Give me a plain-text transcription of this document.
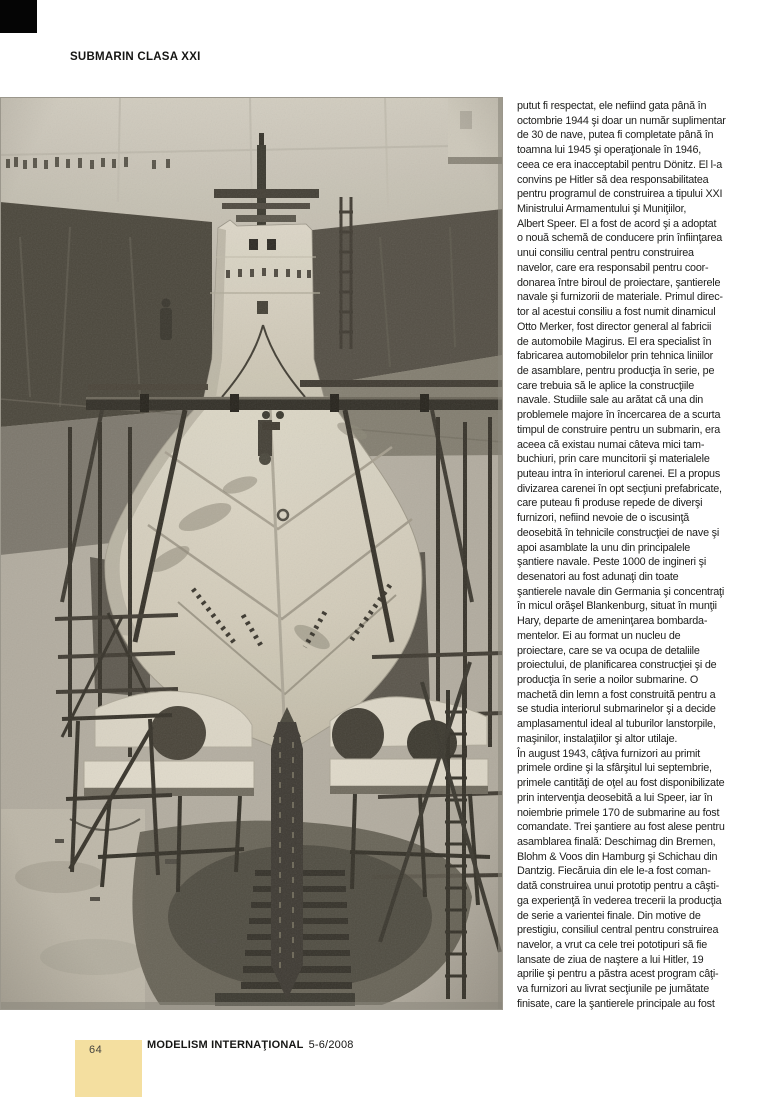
SUBMARIN CLASA XXI
putut fi respectat, ele nefiind gata până în
octombrie 1944 şi doar un număr suplimentar
de 30 de nave, putea fi completate până în
toamna lui 1945 şi operaţionale în 1946,
ceea ce era inacceptabil pentru Dönitz. El l-a
convins pe Hitler să dea responsabilitatea
pentru programul de construirea a tipului XXI
Ministrului Armamentului şi Muniţiilor,
Albert Speer. El a fost de acord şi a adoptat
o nouă schemă de conducere prin înfiinţarea
unui consiliu central pentru construirea
navelor, care era responsabil pentru coor-
donarea între biroul de proiectare, şantierele
navale şi furnizorii de materiale. Primul direc-
tor al acestui consiliu a fost numit dinamicul
Otto Merker, fost director general al fabricii
de automobile Magirus. El era specialist în
fabricarea automobilelor prin tehnica liniilor
de asamblare, pentru producţia în serie, pe
care trebuia să le aplice la construcţiile
navale. Studiile sale au arătat că una din
problemele majore în încercarea de a scurta
timpul de construire pentru un submarin, era
aceea că existau numai câteva mici tam-
buchiuri, prin care muncitorii şi materialele
puteau intra în interiorul carenei. El a propus
divizarea carenei în opt secţiuni prefabricate,
care puteau fi produse repede de diverşi
furnizori, nefiind nevoie de o iscusinţă
deosebită în tehnicile construcţiei de nave şi
apoi asamblate la unu din principalele
şantiere navale. Peste 1000 de ingineri şi
desenatori au fost adunaţi din toate
şantierele navale din Germania şi concentraţi
în micul orăşel Blankenburg, situat în munţii
Hary, departe de ameninţarea bombarda-
mentelor. Ei au format un nucleu de
proiectare, care se va ocupa de detaliile
proiectului, de planificarea construcţiei şi de
producţia în serie a noilor submarine. O
machetă din lemn a fost construită pentru a
se studia interiorul submarinelor şi a decide
amplasamentul ideal al tuburilor lanstorpile,
maşinilor, instalaţiilor şi altor utilaje.
În august 1943, câţiva furnizori au primit
primele ordine şi la sfârşitul lui septembrie,
primele cantităţi de oţel au fost disponibilizate
prin intervenţia deosebită a lui Speer, iar în
noiembrie primele 170 de submarine au fost
comandate. Trei şantiere au fost alese pentru
asamblarea finală: Deschimag din Bremen,
Blohm & Voos din Hamburg şi Schichau din
Dantzig. Fiecăruia din ele le-a fost coman-
dată construirea unui prototip pentru a câşti-
ga experienţă în vederea trecerii la producţia
de serie a varientei finale. Din motive de
prestigiu, consiliul central pentru construirea
navelor, a vrut ca cele trei pototipuri să fie
lansate de ziua de naştere a lui Hitler, 19
aprilie şi pentru a păstra acest program câţi-
va furnizori au livrat secţiunile pe jumătate
finisate, care la şantierele principale au fost
64	MODELISM INTERNAŢIONAL 5-6/2008
